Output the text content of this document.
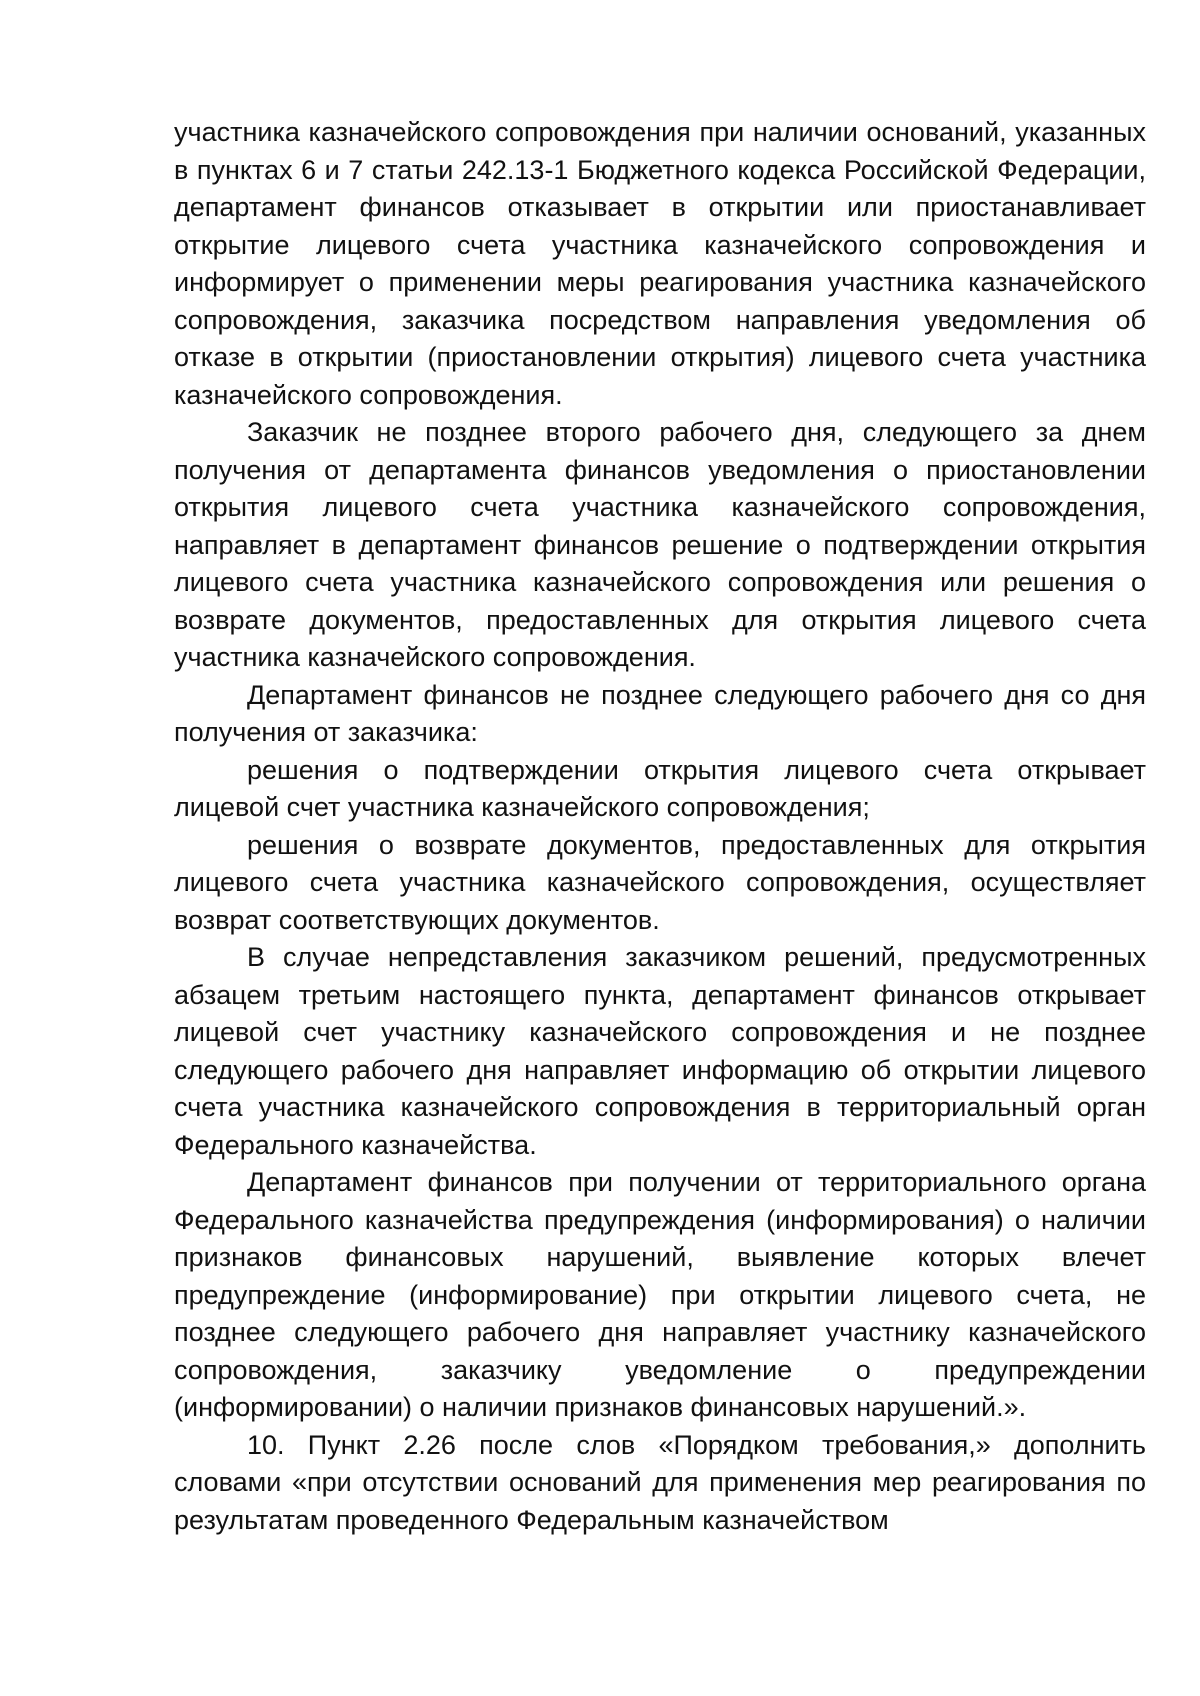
участника казначейского сопровождения при наличии оснований, указанных в пунктах 6 и 7 статьи 242.13-1 Бюджетного кодекса Российской Федерации, департамент финансов отказывает в открытии или приостанавливает открытие лицевого счета участника казначейского сопровождения и информирует о применении меры реагирования участника казначейского сопровождения, заказчика посредством направления уведомления об отказе в открытии (приостановлении открытия) лицевого счета участника казначейского сопровождения.

Заказчик не позднее второго рабочего дня, следующего за днем получения от департамента финансов уведомления о приостановлении открытия лицевого счета участника казначейского сопровождения, направляет в департамент финансов решение о подтверждении открытия лицевого счета участника казначейского сопровождения или решения о возврате документов, предоставленных для открытия лицевого счета участника казначейского сопровождения.

Департамент финансов не позднее следующего рабочего дня со дня получения от заказчика:

решения о подтверждении открытия лицевого счета открывает лицевой счет участника казначейского сопровождения;

решения о возврате документов, предоставленных для открытия лицевого счета участника казначейского сопровождения, осуществляет возврат соответствующих документов.

В случае непредставления заказчиком решений, предусмотренных абзацем третьим настоящего пункта, департамент финансов открывает лицевой счет участнику казначейского сопровождения и не позднее следующего рабочего дня направляет информацию об открытии лицевого счета участника казначейского сопровождения в территориальный орган Федерального казначейства.

Департамент финансов при получении от территориального органа Федерального казначейства предупреждения (информирования) о наличии признаков финансовых нарушений, выявление которых влечет предупреждение (информирование) при открытии лицевого счета, не позднее следующего рабочего дня направляет участнику казначейского сопровождения, заказчику уведомление о предупреждении (информировании) о наличии признаков финансовых нарушений.».

10. Пункт 2.26 после слов «Порядком требования,» дополнить словами «при отсутствии оснований для применения мер реагирования по результатам проведенного Федеральным казначейством
